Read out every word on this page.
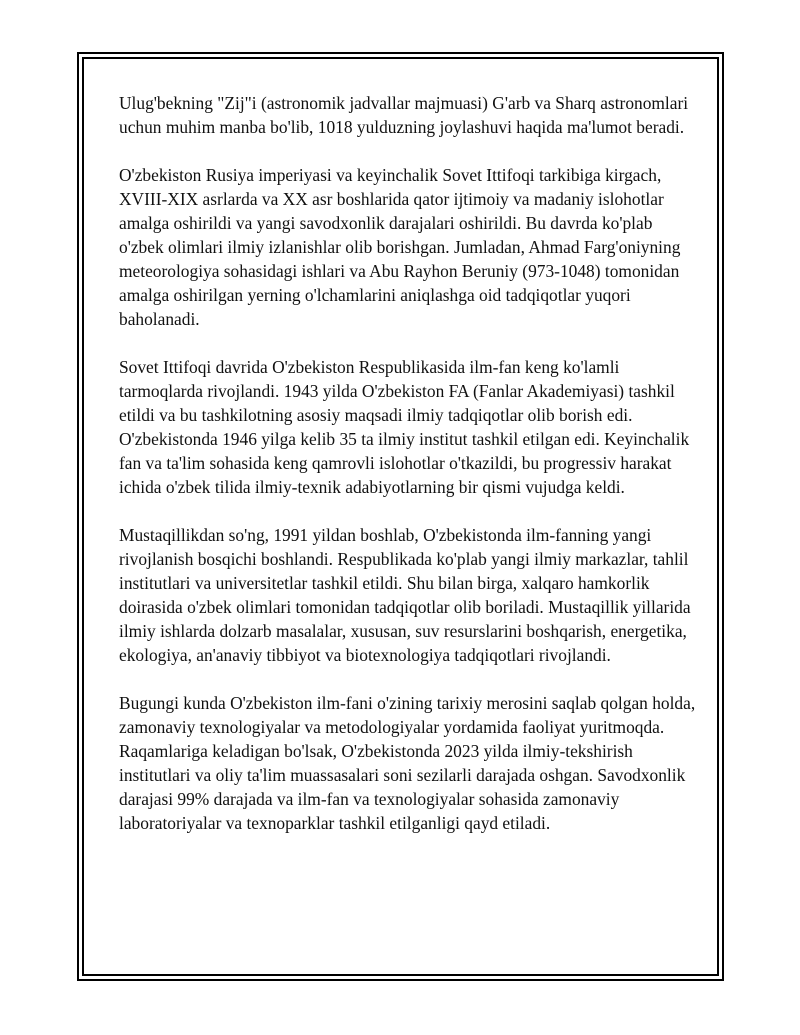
Ulug'bekning "Zij"i (astronomik jadvallar majmuasi) G'arb va Sharq astronomlari uchun muhim manba bo'lib, 1018 yulduzning joylashuvi haqida ma'lumot beradi.

O'zbekiston Rusiya imperiyasi va keyinchalik Sovet Ittifoqi tarkibiga kirgach, XVIII-XIX asrlarda va XX asr boshlarida qator ijtimoiy va madaniy islohotlar amalga oshirildi va yangi savodxonlik darajalari oshirildi. Bu davrda ko'plab o'zbek olimlari ilmiy izlanishlar olib borishgan. Jumladan, Ahmad Farg'oniyning meteorologiya sohasidagi ishlari va Abu Rayhon Beruniy (973-1048) tomonidan amalga oshirilgan yerning o'lchamlarini aniqlashga oid tadqiqotlar yuqori baholanadi.

Sovet Ittifoqi davrida O'zbekiston Respublikasida ilm-fan keng ko'lamli tarmoqlarda rivojlandi. 1943 yilda O'zbekiston FA (Fanlar Akademiyasi) tashkil etildi va bu tashkilotning asosiy maqsadi ilmiy tadqiqotlar olib borish edi. O'zbekistonda 1946 yilga kelib 35 ta ilmiy institut tashkil etilgan edi. Keyinchalik fan va ta'lim sohasida keng qamrovli islohotlar o'tkazildi, bu progressiv harakat ichida o'zbek tilida ilmiy-texnik adabiyotlarning bir qismi vujudga keldi.

Mustaqillikdan so'ng, 1991 yildan boshlab, O'zbekistonda ilm-fanning yangi rivojlanish bosqichi boshlandi. Respublikada ko'plab yangi ilmiy markazlar, tahlil institutlari va universitetlar tashkil etildi. Shu bilan birga, xalqaro hamkorlik doirasida o'zbek olimlari tomonidan tadqiqotlar olib boriladi. Mustaqillik yillarida ilmiy ishlarda dolzarb masalalar, xususan, suv resurslarini boshqarish, energetika, ekologiya, an'anaviy tibbiyot va biotexnologiya tadqiqotlari rivojlandi.

Bugungi kunda O'zbekiston ilm-fani o'zining tarixiy merosini saqlab qolgan holda, zamonaviy texnologiyalar va metodologiyalar yordamida faoliyat yuritmoqda. Raqamlariga keladigan bo'lsak, O'zbekistonda 2023 yilda ilmiy-tekshirish institutlari va oliy ta'lim muassasalari soni sezilarli darajada oshgan. Savodxonlik darajasi 99% darajada va ilm-fan va texnologiyalar sohasida zamonaviy laboratoriyalar va texnoparklar tashkil etilganligi qayd etiladi.
